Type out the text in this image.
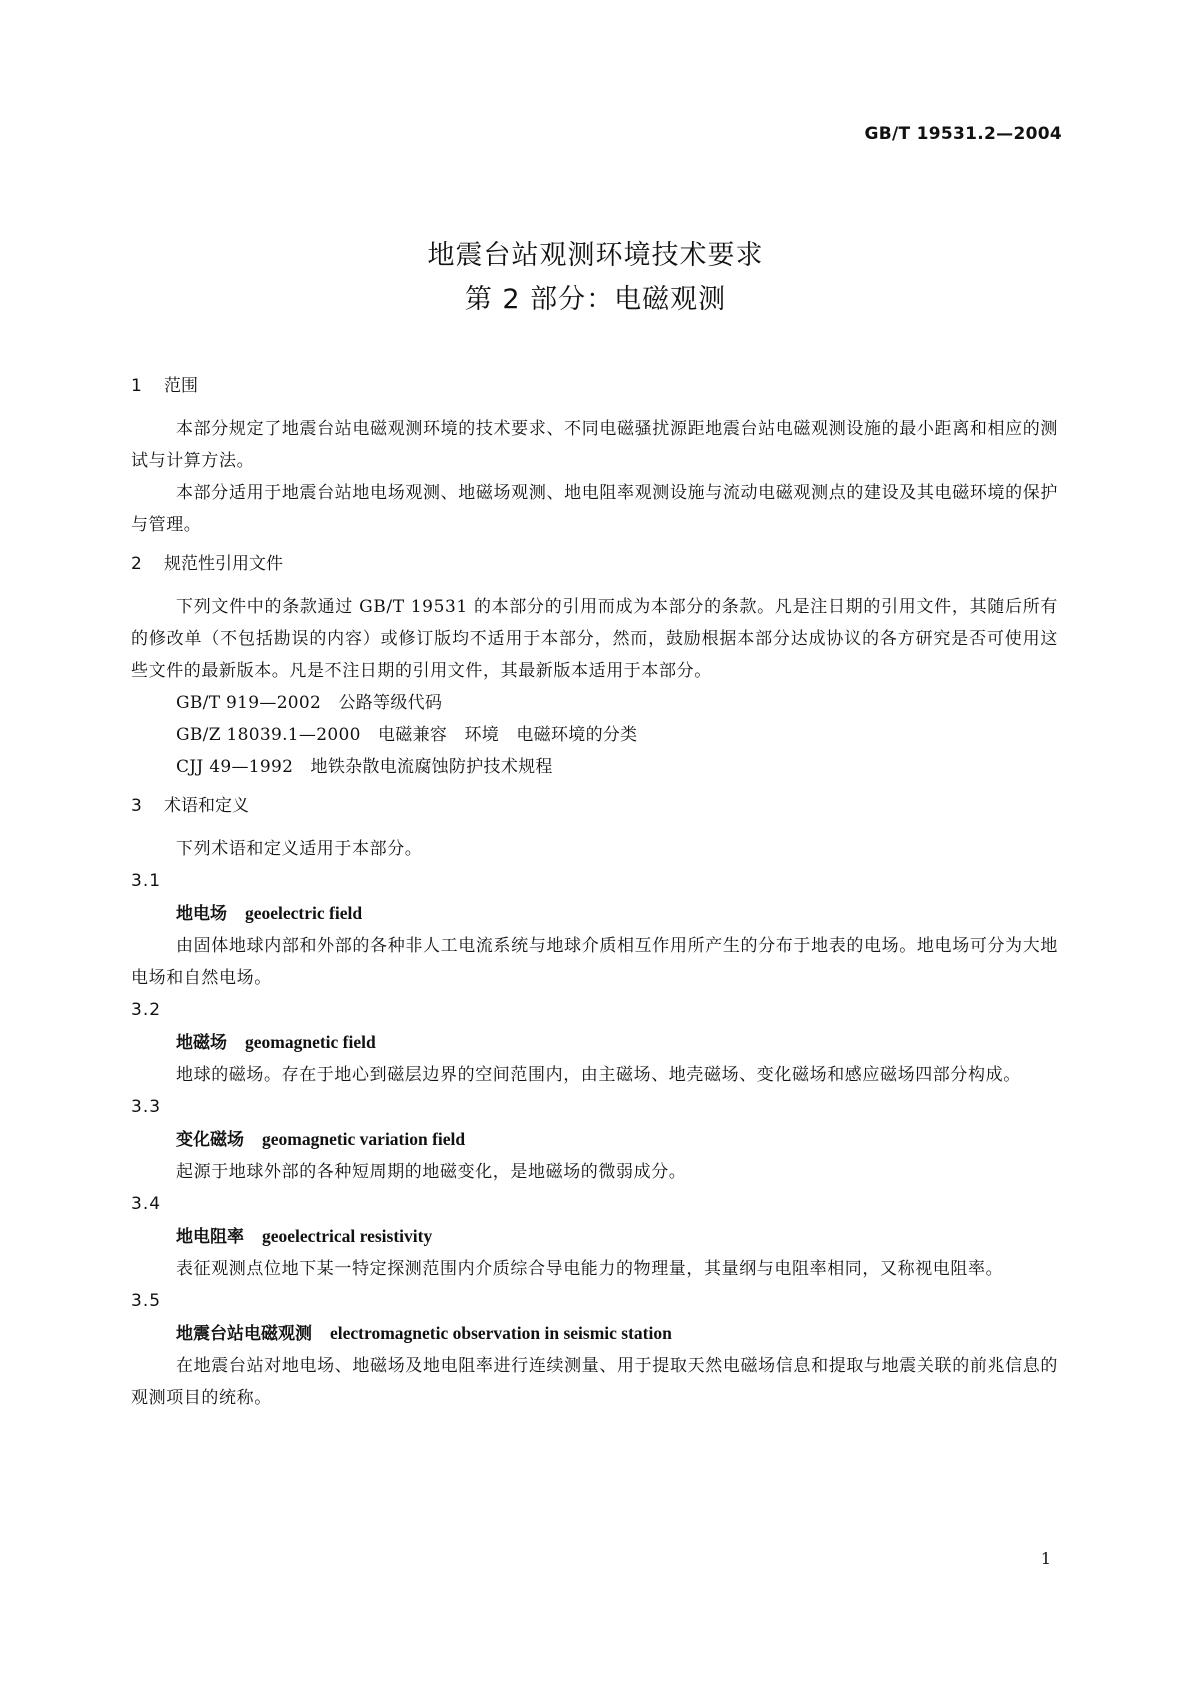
GB/T 19531.2—2004
地震台站观测环境技术要求
第 2 部分：电磁观测
1 范围
本部分规定了地震台站电磁观测环境的技术要求、不同电磁骚扰源距地震台站电磁观测设施的最小距离和相应的测试与计算方法。
本部分适用于地震台站地电场观测、地磁场观测、地电阻率观测设施与流动电磁观测点的建设及其电磁环境的保护与管理。
2 规范性引用文件
下列文件中的条款通过 GB/T 19531 的本部分的引用而成为本部分的条款。凡是注日期的引用文件，其随后所有的修改单（不包括勘误的内容）或修订版均不适用于本部分，然而，鼓励根据本部分达成协议的各方研究是否可使用这些文件的最新版本。凡是不注日期的引用文件，其最新版本适用于本部分。
GB/T 919—2002　公路等级代码
GB/Z 18039.1—2000　电磁兼容　环境　电磁环境的分类
CJJ 49—1992　地铁杂散电流腐蚀防护技术规程
3 术语和定义
下列术语和定义适用于本部分。
3.1
地电场 geoelectric field
由固体地球内部和外部的各种非人工电流系统与地球介质相互作用所产生的分布于地表的电场。地电场可分为大地电场和自然电场。
3.2
地磁场 geomagnetic field
地球的磁场。存在于地心到磁层边界的空间范围内，由主磁场、地壳磁场、变化磁场和感应磁场四部分构成。
3.3
变化磁场 geomagnetic variation field
起源于地球外部的各种短周期的地磁变化，是地磁场的微弱成分。
3.4
地电阻率 geoelectrical resistivity
表征观测点位地下某一特定探测范围内介质综合导电能力的物理量，其量纲与电阻率相同，又称视电阻率。
3.5
地震台站电磁观测 electromagnetic observation in seismic station
在地震台站对地电场、地磁场及地电阻率进行连续测量、用于提取天然电磁场信息和提取与地震关联的前兆信息的观测项目的统称。
1
